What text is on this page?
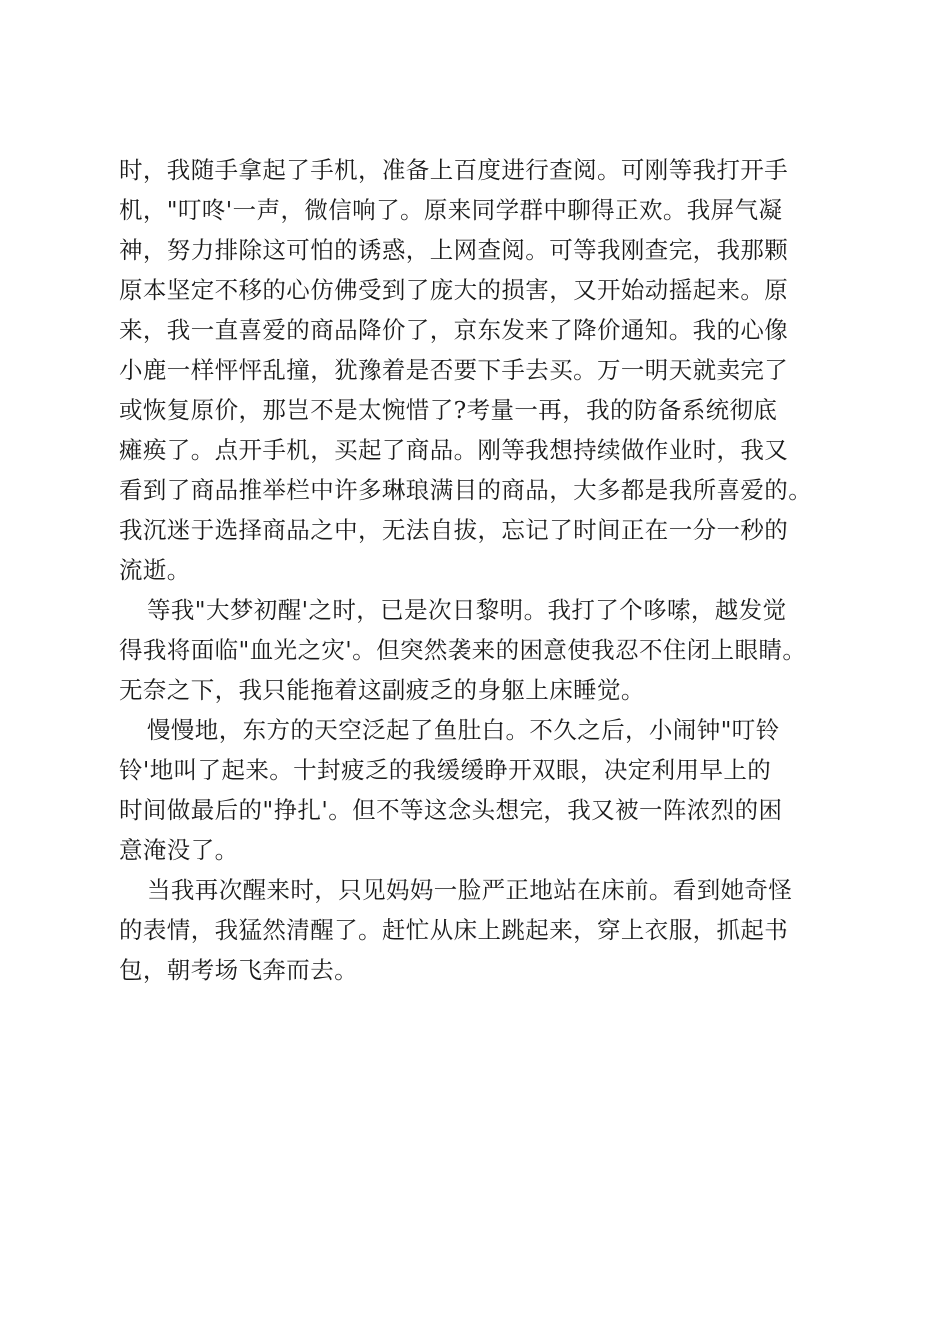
时，我随手拿起了手机，准备上百度进行查阅。可刚等我打开手
机，"叮咚'一声，微信响了。原来同学群中聊得正欢。我屏气凝
神，努力排除这可怕的诱惑，上网查阅。可等我刚查完，我那颗
原本坚定不移的心仿佛受到了庞大的损害，又开始动摇起来。原
来，我一直喜爱的商品降价了，京东发来了降价通知。我的心像
小鹿一样怦怦乱撞，犹豫着是否要下手去买。万一明天就卖完了
或恢复原价，那岂不是太惋惜了?考量一再，我的防备系统彻底
瘫痪了。点开手机，买起了商品。刚等我想持续做作业时，我又
看到了商品推举栏中许多琳琅满目的商品，大多都是我所喜爱的。
我沉迷于选择商品之中，无法自拔，忘记了时间正在一分一秒的
流逝。
等我"大梦初醒'之时，已是次日黎明。我打了个哆嗦，越发觉
得我将面临"血光之灾'。但突然袭来的困意使我忍不住闭上眼睛。
无奈之下，我只能拖着这副疲乏的身躯上床睡觉。
慢慢地，东方的天空泛起了鱼肚白。不久之后，小闹钟"叮铃
铃'地叫了起来。十封疲乏的我缓缓睁开双眼，决定利用早上的
时间做最后的"挣扎'。但不等这念头想完，我又被一阵浓烈的困
意淹没了。
当我再次醒来时，只见妈妈一脸严正地站在床前。看到她奇怪
的表情，我猛然清醒了。赶忙从床上跳起来，穿上衣服，抓起书
包，朝考场飞奔而去。
